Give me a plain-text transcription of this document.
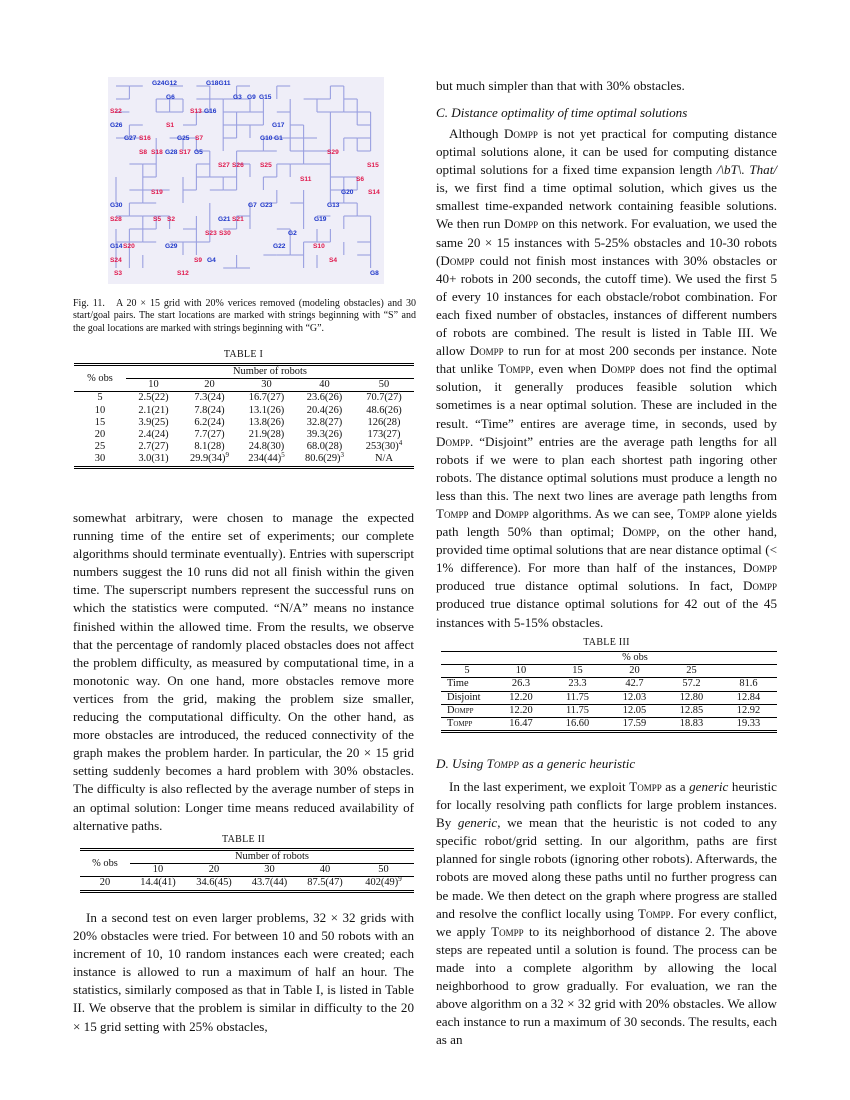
G24G12	G18G11
G6	G3 G9 G15
S22	S13 G16
G26	S1	G17
G27 S16	G25 S7	G10 G1
S8 S18 G28 S17 G5	S29
S27 S26 S25	S15
S11	S6
S19	G20 S14
G30	G7 G23	G13
S28	S5 S2	G21 S21	G19
S23 S30	G2
G14 S20	G29	G22	S10
S24	S9 G4	S4
S3	S12	G8
Fig. 11. A 20 × 15 grid with 20% verices removed (modeling obstacles) and 30 start/goal pairs. The start locations are marked with strings beginning with “S” and the goal locations are marked with strings beginning with “G”.
TABLE I
% obs	Number of robots				
	10	20	30	40	50
5	2.5(22)	7.3(24)	16.7(27)	23.6(26)	70.7(27)
10	2.1(21)	7.8(24)	13.1(26)	20.4(26)	48.6(26)
15	3.9(25)	6.2(24)	13.8(26)	32.8(27)	126(28)
20	2.4(24)	7.7(27)	21.9(28)	39.3(26)	173(27)
25	2.7(27)	8.1(28)	24.8(30)	68.0(28)	$253(30)^4$
30	3.0(31)	$29.9(34)^9$	$234(44)^5$	$80.6(29)^3$	N/A

somewhat arbitrary, were chosen to manage the expected running time of the entire set of experiments; our complete algorithms should terminate eventually). Entries with superscript numbers suggest the 10 runs did not all finish within the given time. The superscript numbers represent the successful runs on which the statistics were computed. “N/A” means no instance finished within the allowed time. From the results, we observe that the percentage of randomly placed obstacles does not affect the problem difficulty, as measured by computational time, in a monotonic way. On one hand, more obstacles remove more vertices from the grid, making the problem size smaller, reducing the computational difficulty. On the other hand, as more obstacles are introduced, the reduced connectivity of the graph makes the problem harder. In particular, the 20 × 15 grid setting suddenly becomes a hard problem with 30% obstacles. The difficulty is also reflected by the average number of steps in an optimal solution: Longer time means reduced availability of alternative paths.

TABLE II
% obs	Number of robots				
	10	20	30	40	50
20	14.4(41)	34.6(45)	43.7(44)	87.5(47)	$402(49)^9$

In a second test on even larger problems, 32 × 32 grids with 20% obstacles were tried. For between 10 and 50 robots with an increment of 10, 10 random instances each were created; each instance is allowed to run a maximum of half an hour. The statistics, similarly composed as that in Table I, is listed in Table II. We observe that the problem is similar in difficulty to the 20 × 15 grid setting with 25% obstacles,

but much simpler than that with 30% obstacles.

C. Distance optimality of time optimal solutions

Although Dompp is not yet practical for computing distance optimal solutions alone, it can be used for computing distance optimal solutions for a fixed time expansion length /\bT\. That/ is, we first find a time optimal solution, which gives us the smallest time-expanded network containing feasible solutions. We then run Dompp on this network. For evaluation, we used the same 20 × 15 instances with 5-25% obstacles and 10-30 robots (Dompp could not finish most instances with 30% obstacles or 40+ robots in 200 seconds, the cutoff time). We used the first 5 of every 10 instances for each obstacle/robot combination. For each fixed number of obstacles, instances of different numbers of robots are combined. The result is listed in Table III. We allow Dompp to run for at most 200 seconds per instance. Note that unlike Tompp, even when Dompp does not find the optimal solution, it generally produces feasible solution which sometimes is a near optimal solution. These are included in the result. “Time” entires are average time, in seconds, used by Dompp. “Disjoint” entries are the average path lengths for all robots if we were to plan each shortest path ingoring other robots. The distance optimal solutions must produce a length no less than this. The next two lines are average path lengths from Tompp and Dompp algorithms. As we can see, Tompp alone yields path length 50% than optimal; Dompp, on the other hand, provided time optimal solutions that are near distance optimal (< 1% difference). For more than half of the instances, Dompp produced true distance optimal solutions. In fact, Dompp produced true distance optimal solutions for 42 out of the 45 instances with 5-15% obstacles.

TABLE III
	% obs				
5	10	15	20	25	
Time	26.3	23.3	42.7	57.2	81.6
Disjoint	12.20	11.75	12.03	12.80	12.84
Dompp	12.20	11.75	12.05	12.85	12.92
Tompp	16.47	16.60	17.59	18.83	19.33
D. Using Tompp as a generic heuristic

In the last experiment, we exploit Tompp as a generic heuristic for locally resolving path conflicts for large problem instances. By generic, we mean that the heuristic is not coded to any specific robot/grid setting. In our algorithm, paths are first planned for single robots (ignoring other robots). Afterwards, the robots are moved along these paths until no further progress can be made. We then detect on the graph where progress are stalled and resolve the conflict locally using Tompp. For every conflict, we apply Tompp to its neighborhood of distance 2. The above steps are repeated until a solution is found. The process can be made into a complete algorithm by allowing the local neighborhood to grow gradually. For evaluation, we ran the above algorithm on a 32 × 32 grid with 20% obstacles. We allow each instance to run a maximum of 30 seconds. The results, each as an
